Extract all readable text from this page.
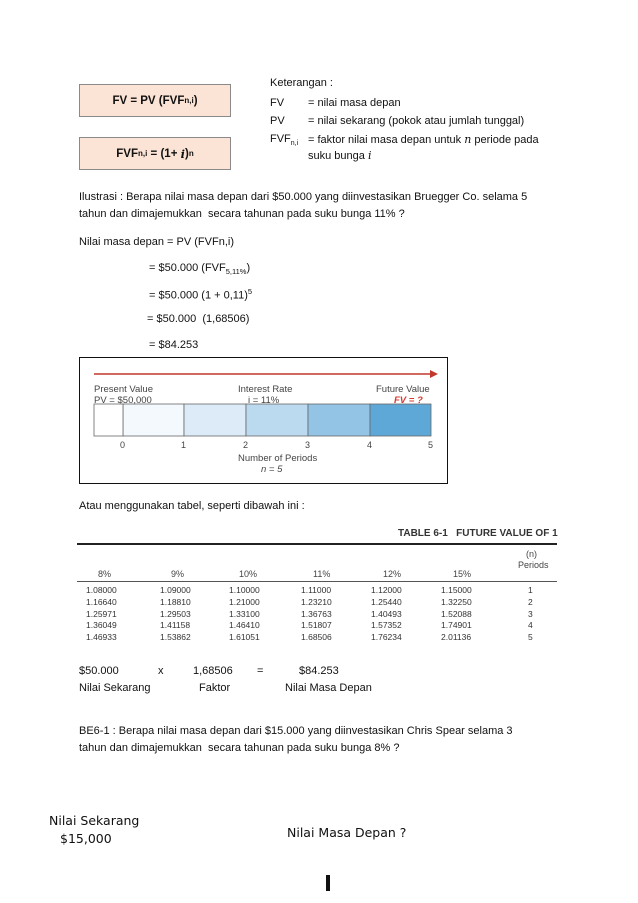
FV = PV (FVF n,i )
FVF n,i = (1+ i ) n
Keterangan :
FV = nilai masa depan
PV = nilai sekarang (pokok atau jumlah tunggal)
$FVF_{n,i}$ = faktor nilai masa depan untuk n periode pada
suku bunga i
Ilustrasi : Berapa nilai masa depan dari $50.000 yang diinvestasikan Bruegger Co. selama 5
tahun dan dimajemukkan  secara tahunan pada suku bunga 11% ?
Nilai masa depan = PV (FVFn,i)
= $50.000 $(FVF_{5,11\%})$
= $50.000 $(1 + 0,11)^5$
= $50.000  (1,68506)
= $84.253
Present Value
PV = $50,000
Interest Rate
i = 11%
Future Value
FV = ?
0	1	2	3	4	5
Number of Periods
n = 5
Atau menggunakan tabel, seperti dibawah ini :
TABLE 6-1   FUTURE VALUE OF 1
(n)
Periods
8%	9%	10%	11%	12%	15%
1.08000	1.09000	1.10000	1.11000	1.12000	1.15000	1
1.16640	1.18810	1.21000	1.23210	1.25440	1.32250	2
1.25971	1.29503	1.33100	1.36763	1.40493	1.52088	3
1.36049	1.41158	1.46410	1.51807	1.57352	1.74901	4
1.46933	1.53862	1.61051	1.68506	1.76234	2.01136	5
$50.000	x	1,68506 =	$84.253
Nilai Sekarang	Faktor	Nilai Masa Depan
BE6-1 : Berapa nilai masa depan dari $15.000 yang diinvestasikan Chris Spear selama 3
tahun dan dimajemukkan  secara tahunan pada suku bunga 8% ?
Nilai Sekarang
$15,000	Nilai Masa Depan ?
